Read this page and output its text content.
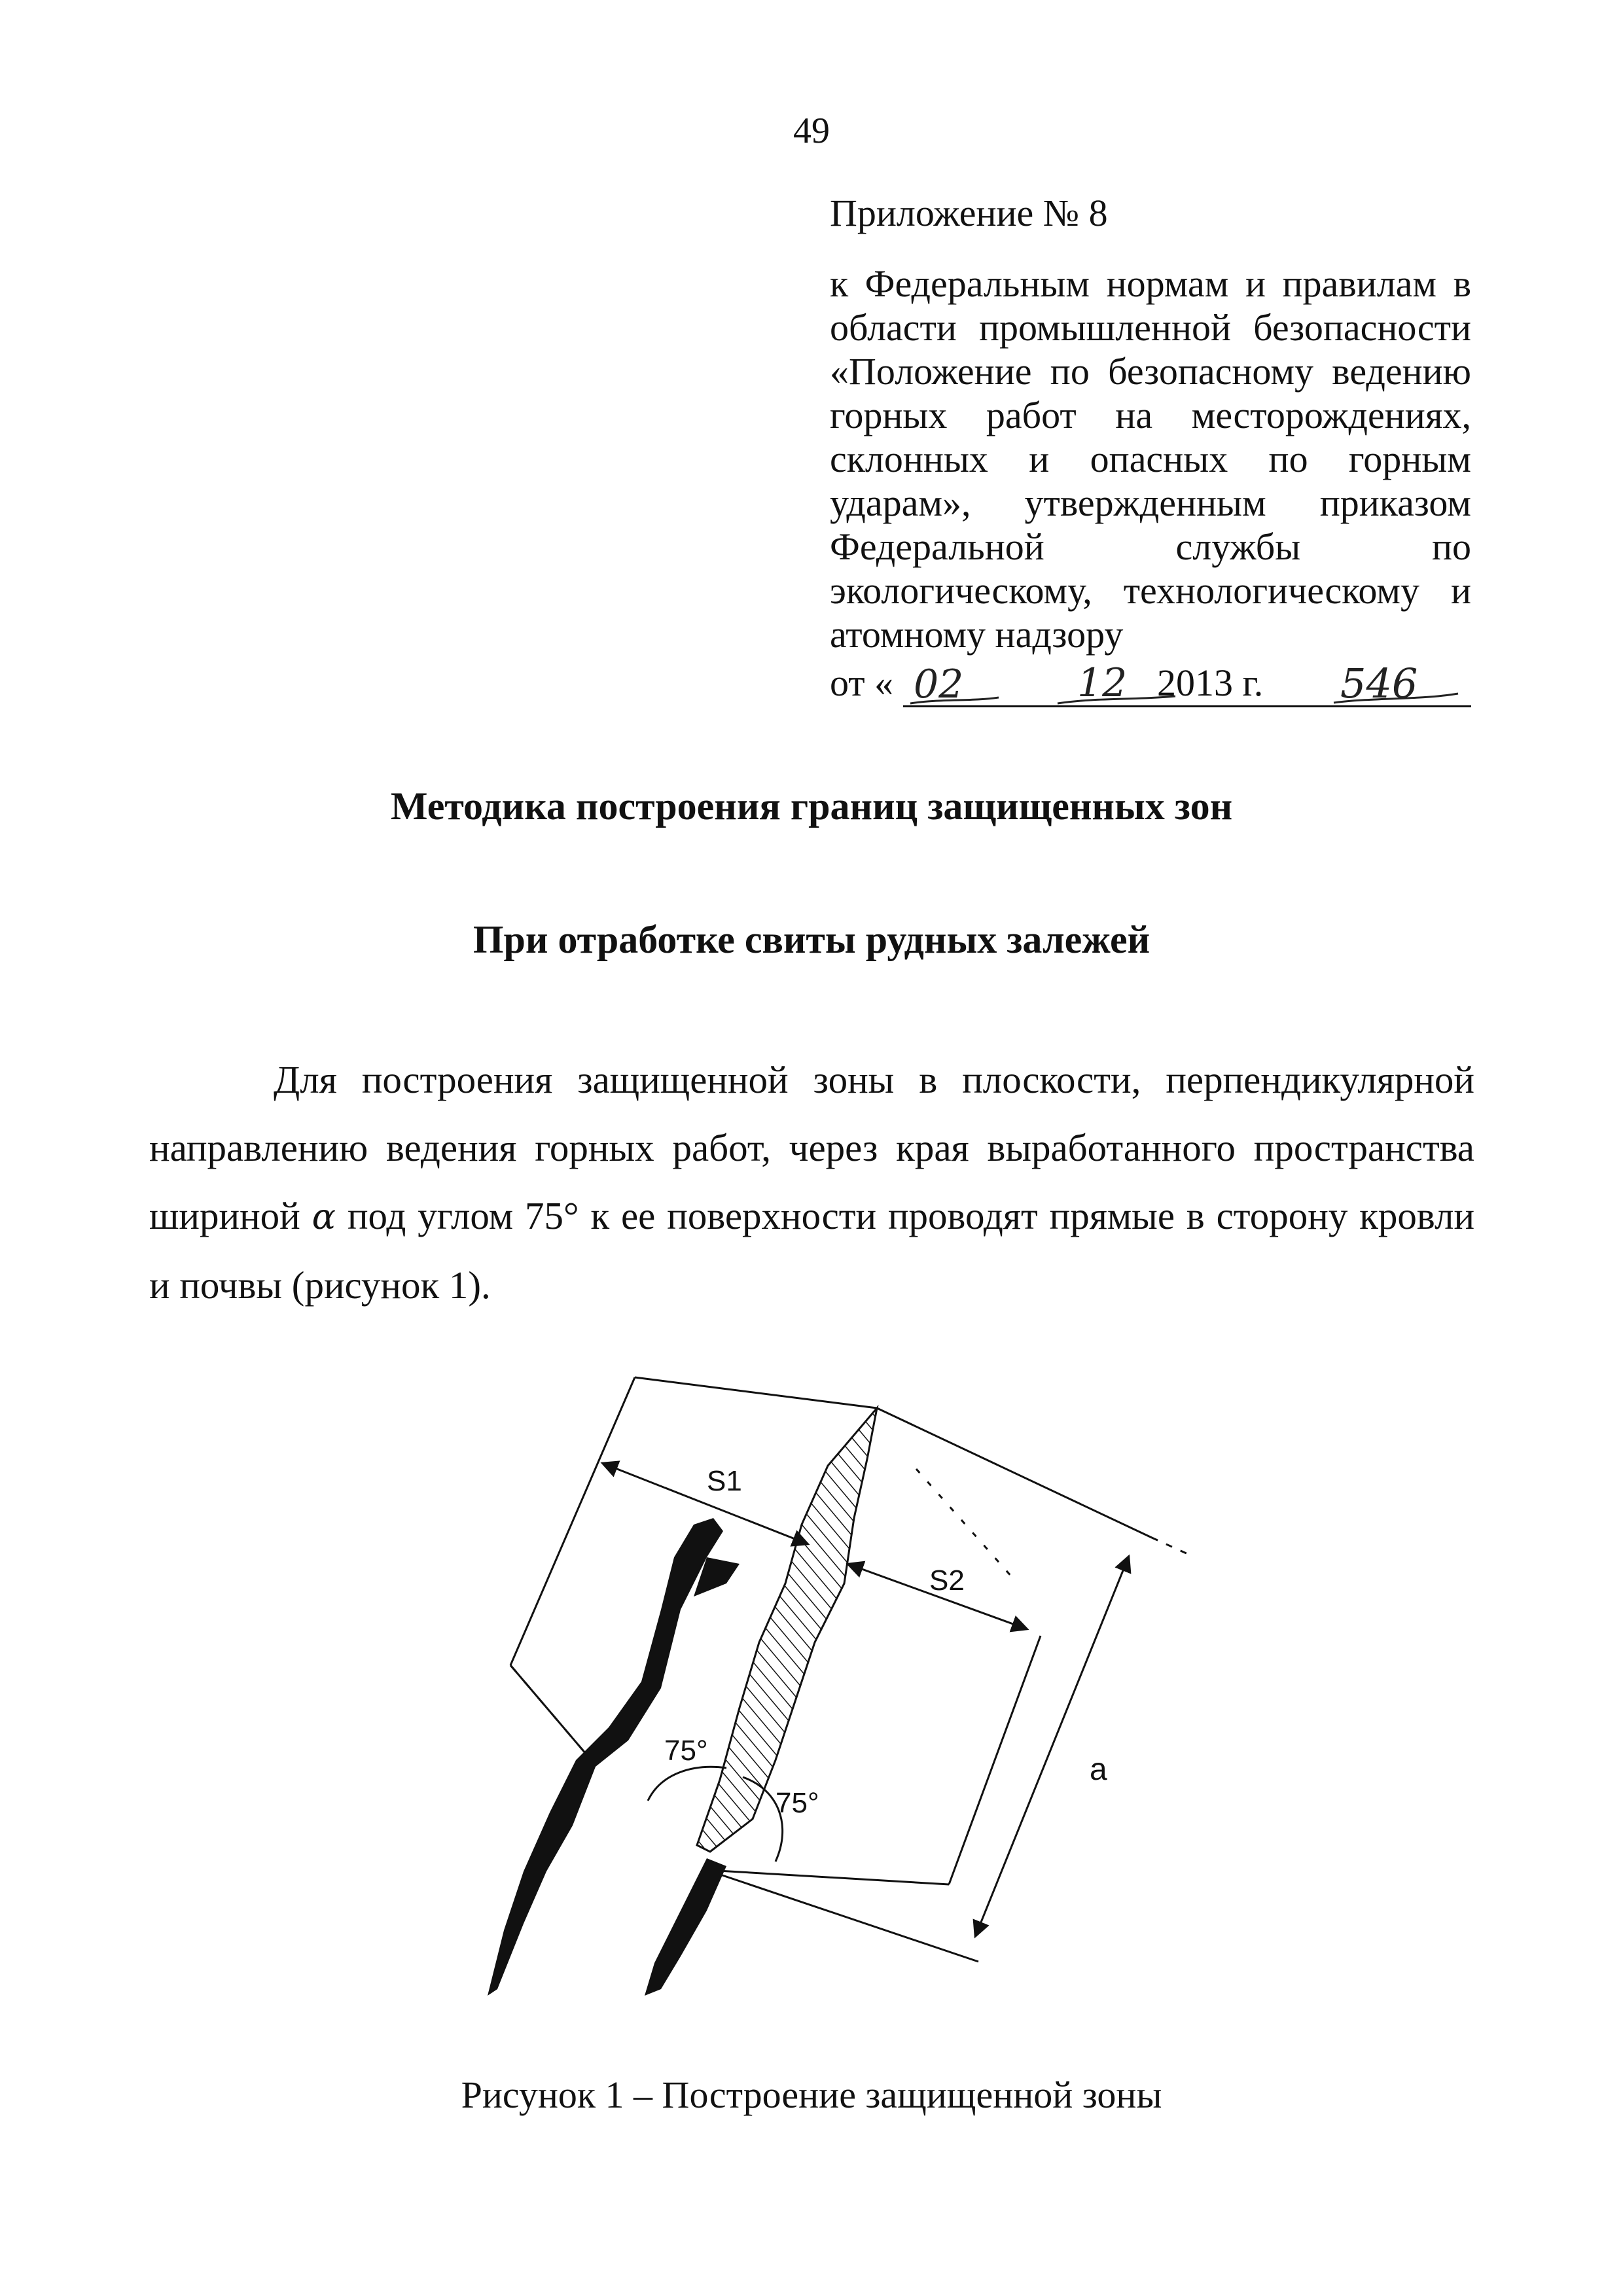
49
Приложение № 8
к Федеральным нормам и правилам в
области промышленной безопасности
«Положение по безопасному ведению
горных работ на месторождениях,
склонных и опасных по горным
ударам», утвержденным приказом
Федеральной службы по
экологическому, технологическому и
атомному надзору
от « 02	12 2013 г. 546
Методика построения границ защищенных зон
При отработке свиты рудных залежей
Для построения защищенной зоны в плоскости, перпендикулярной
направлению ведения горных работ, через края выработанного пространства
шириной α под углом 75° к ее поверхности проводят прямые в сторону кровли
и почвы (рисунок 1).
S1
S2
a
75°
75°
Рисунок 1 – Построение защищенной зоны
